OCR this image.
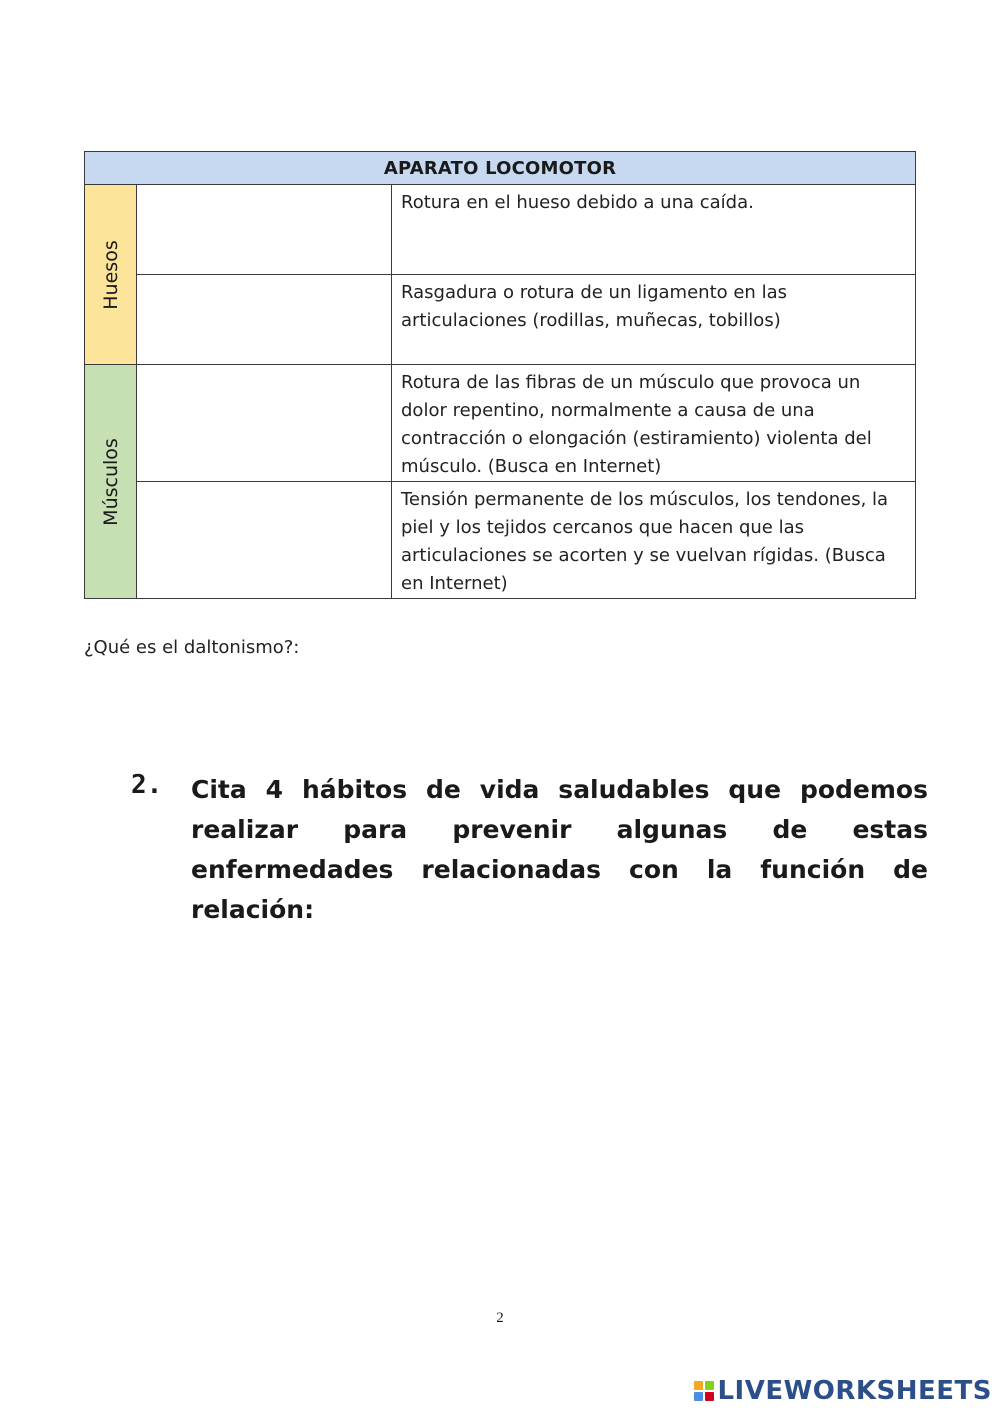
APARATO LOCOMOTOR		

Huesos		Rotura en el hueso debido a una caída.
		Rasgadura o rotura de un ligamento en las articulaciones (rodillas, muñecas, tobillos)

Músculos		Rotura de las fibras de un músculo que provoca un dolor repentino, normalmente a causa de una contracción o elongación (estiramiento) violenta del músculo. (Busca en Internet)
		Tensión permanente de los músculos, los tendones, la piel y los tejidos cercanos que hacen que las articulaciones se acorten y se vuelvan rígidas. (Busca en Internet)
¿Qué es el daltonismo?:
2. Cita 4 hábitos de vida saludables que podemos realizar para prevenir algunas de estas enfermedades relacionadas con la función de relación:
2
LIVEWORKSHEETS
